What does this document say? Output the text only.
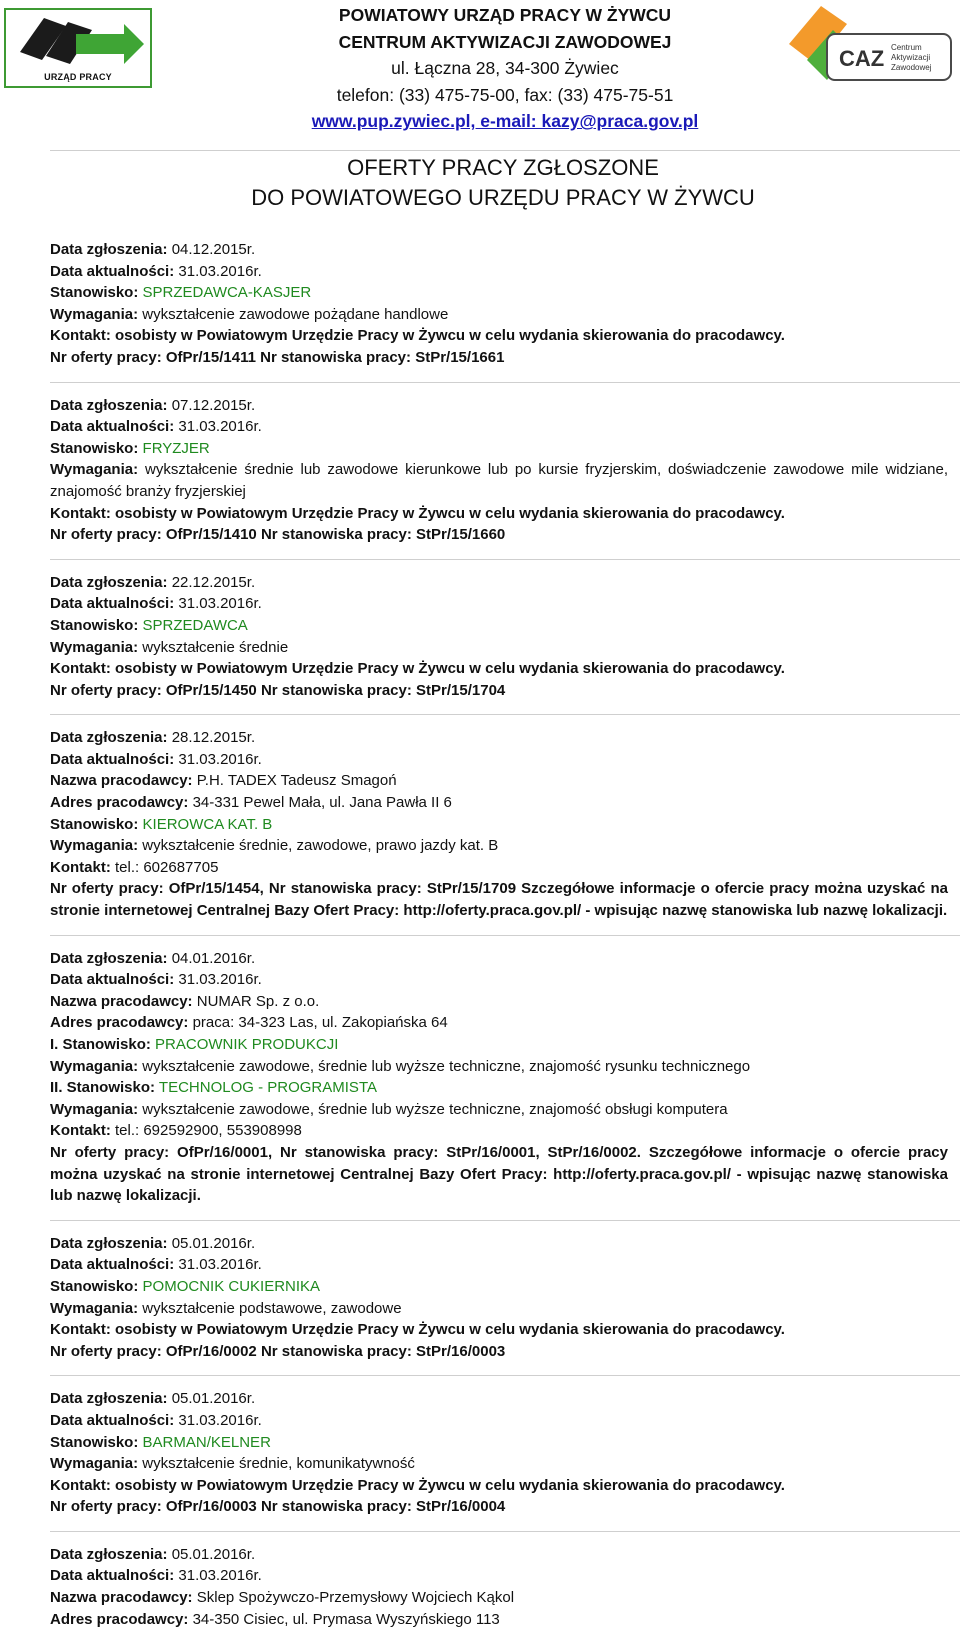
URZĄD PRACY
POWIATOWY URZĄD PRACY W ŻYWCU
CENTRUM AKTYWIZACJI ZAWODOWEJ
ul. Łączna 28, 34-300 Żywiec
telefon: (33) 475-75-00, fax: (33) 475-75-51
www.pup.zywiec.pl, e-mail: kazy@praca.gov.pl
CAZ Centrum
Aktywizacji
Zawodowej
OFERTY PRACY ZGŁOSZONE
DO POWIATOWEGO URZĘDU PRACY W ŻYWCU
Data zgłoszenia: 04.12.2015r.
Data aktualności: 31.03.2016r.
Stanowisko: SPRZEDAWCA-KASJER
Wymagania: wykształcenie zawodowe pożądane handlowe
Kontakt: osobisty w Powiatowym Urzędzie Pracy w Żywcu w celu wydania skierowania do pracodawcy.
Nr oferty pracy: OfPr/15/1411 Nr stanowiska pracy: StPr/15/1661
Data zgłoszenia: 07.12.2015r.
Data aktualności: 31.03.2016r.
Stanowisko: FRYZJER
Wymagania: wykształcenie średnie lub zawodowe kierunkowe lub po kursie fryzjerskim, doświadczenie zawodowe mile widziane, znajomość branży fryzjerskiej
Kontakt: osobisty w Powiatowym Urzędzie Pracy w Żywcu w celu wydania skierowania do pracodawcy.
Nr oferty pracy: OfPr/15/1410 Nr stanowiska pracy: StPr/15/1660
Data zgłoszenia: 22.12.2015r.
Data aktualności: 31.03.2016r.
Stanowisko: SPRZEDAWCA
Wymagania: wykształcenie średnie
Kontakt: osobisty w Powiatowym Urzędzie Pracy w Żywcu w celu wydania skierowania do pracodawcy.
Nr oferty pracy: OfPr/15/1450 Nr stanowiska pracy: StPr/15/1704
Data zgłoszenia: 28.12.2015r.
Data aktualności: 31.03.2016r.
Nazwa pracodawcy: P.H. TADEX Tadeusz Smagoń
Adres pracodawcy: 34-331 Pewel Mała, ul. Jana Pawła II 6
Stanowisko: KIEROWCA KAT. B
Wymagania: wykształcenie średnie, zawodowe, prawo jazdy kat. B
Kontakt: tel.: 602687705
Nr oferty pracy: OfPr/15/1454, Nr stanowiska pracy: StPr/15/1709 Szczegółowe informacje o ofercie pracy można uzyskać na stronie internetowej Centralnej Bazy Ofert Pracy: http://oferty.praca.gov.pl/ - wpisując nazwę stanowiska lub nazwę lokalizacji.
Data zgłoszenia: 04.01.2016r.
Data aktualności: 31.03.2016r.
Nazwa pracodawcy: NUMAR Sp. z o.o.
Adres pracodawcy: praca: 34-323 Las, ul. Zakopiańska 64
I. Stanowisko: PRACOWNIK PRODUKCJI
Wymagania: wykształcenie zawodowe, średnie lub wyższe techniczne, znajomość rysunku technicznego
II. Stanowisko: TECHNOLOG - PROGRAMISTA
Wymagania: wykształcenie zawodowe, średnie lub wyższe techniczne, znajomość obsługi komputera
Kontakt: tel.: 692592900, 553908998
Nr oferty pracy: OfPr/16/0001, Nr stanowiska pracy: StPr/16/0001, StPr/16/0002. Szczegółowe informacje o ofercie pracy można uzyskać na stronie internetowej Centralnej Bazy Ofert Pracy: http://oferty.praca.gov.pl/ - wpisując nazwę stanowiska lub nazwę lokalizacji.
Data zgłoszenia: 05.01.2016r.
Data aktualności: 31.03.2016r.
Stanowisko: POMOCNIK CUKIERNIKA
Wymagania: wykształcenie podstawowe, zawodowe
Kontakt: osobisty w Powiatowym Urzędzie Pracy w Żywcu w celu wydania skierowania do pracodawcy.
Nr oferty pracy: OfPr/16/0002 Nr stanowiska pracy: StPr/16/0003
Data zgłoszenia: 05.01.2016r.
Data aktualności: 31.03.2016r.
Stanowisko: BARMAN/KELNER
Wymagania: wykształcenie średnie, komunikatywność
Kontakt: osobisty w Powiatowym Urzędzie Pracy w Żywcu w celu wydania skierowania do pracodawcy.
Nr oferty pracy: OfPr/16/0003 Nr stanowiska pracy: StPr/16/0004
Data zgłoszenia: 05.01.2016r.
Data aktualności: 31.03.2016r.
Nazwa pracodawcy: Sklep Spożywczo-Przemysłowy Wojciech Kąkol
Adres pracodawcy: 34-350 Cisiec, ul. Prymasa Wyszyńskiego 113
